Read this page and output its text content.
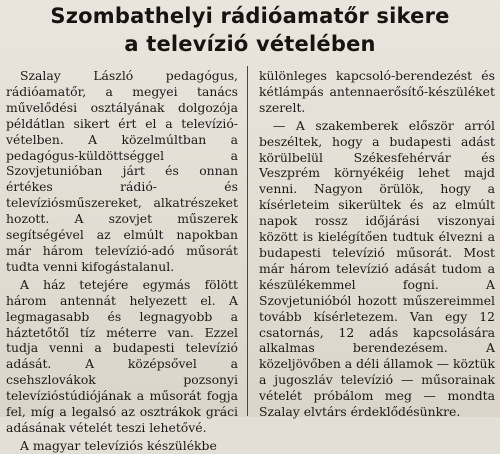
Szombathelyi rádióamatőr sikere
a televízió vételében

Szalay László pedagógus, rádióamatőr, a megyei tanács művelődési osztályának dolgozója példátlan sikert ért el a televízió-vételben. A közelmúltban a pedagógus-küldöttséggel a Szovjetunióban járt és onnan értékes rádió- és televíziósműszereket, alkatrészeket hozott. A szovjet műszerek segítségével az elmúlt napokban már három televízió-adó műsorát tudta venni kifogástalanul.

A ház tetejére egymás fölött három antennát helyezett el. A legmagasabb és legnagyobb a háztetőtől tíz méterre van. Ezzel tudja venni a budapesti televízió adását. A középsővel a csehszlovákok pozsonyi televízióstúdiójának a műsorát fogja fel, míg a legalsó az osztrákok gráci adásának vételét teszi lehetővé.

A magyar televíziós készülékbe

különleges kapcsoló-berendezést és kétlámpás antennaerősítő-készüléket szerelt.

— A szakemberek először arról beszéltek, hogy a budapesti adást körülbelül Székesfehérvár és Veszprém környékéig lehet majd venni. Nagyon örülök, hogy a kísérleteim sikerültek és az elmúlt napok rossz időjárási viszonyai között is kielégítően tudtuk élvezni a budapesti televízió műsorát. Most már három televízió adását tudom a készülékemmel fogni. A Szovjetunióból hozott műszereimmel tovább kísérletezem. Van egy 12 csatornás, 12 adás kapcsolására alkalmas berendezésem. A közeljövőben a déli államok — köztük a jugoszláv televízió — műsorainak vételét próbálom meg — mondta Szalay elvtárs érdeklődésünkre.
